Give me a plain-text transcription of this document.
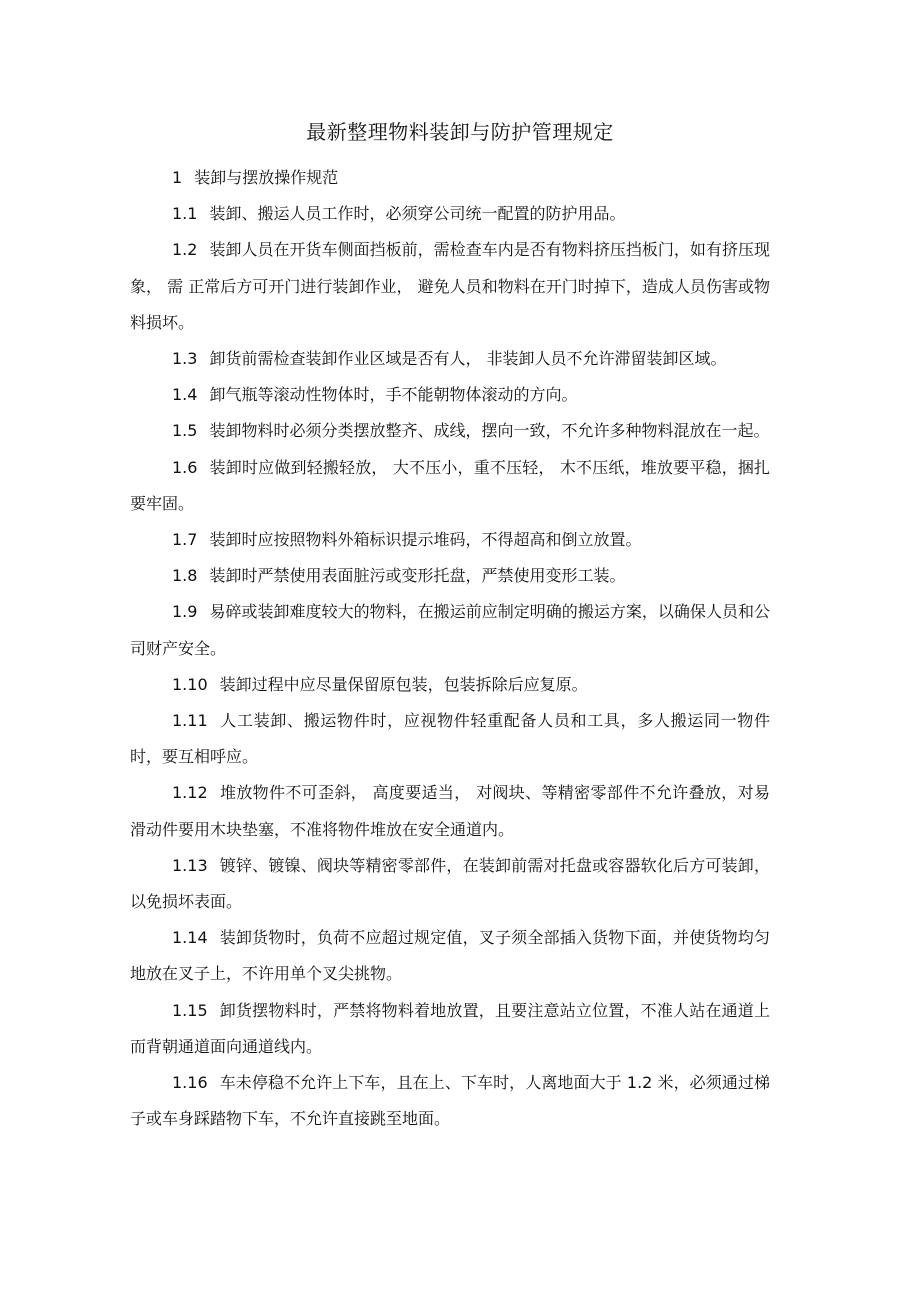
最新整理物料装卸与防护管理规定

1 装卸与摆放操作规范

1.1 装卸、搬运人员工作时，必须穿公司统一配置的防护用品。

1.2 装卸人员在开货车侧面挡板前，需检查车内是否有物料挤压挡板门，如有挤压现象， 需 正常后方可开门进行装卸作业， 避免人员和物料在开门时掉下，造成人员伤害或物料损坏。

1.3 卸货前需检查装卸作业区域是否有人， 非装卸人员不允许滞留装卸区域。

1.4 卸气瓶等滚动性物体时，手不能朝物体滚动的方向。

1.5 装卸物料时必须分类摆放整齐、成线，摆向一致，不允许多种物料混放在一起。

1.6 装卸时应做到轻搬轻放， 大不压小，重不压轻， 木不压纸，堆放要平稳，捆扎要牢固。

1.7 装卸时应按照物料外箱标识提示堆码，不得超高和倒立放置。

1.8 装卸时严禁使用表面脏污或变形托盘，严禁使用变形工装。

1.9 易碎或装卸难度较大的物料，在搬运前应制定明确的搬运方案，以确保人员和公司财产安全。

1.10 装卸过程中应尽量保留原包装，包装拆除后应复原。

1.11 人工装卸、搬运物件时，应视物件轻重配备人员和工具，多人搬运同一物件时，要互相呼应。

1.12 堆放物件不可歪斜， 高度要适当， 对阀块、等精密零部件不允许叠放，对易滑动件要用木块垫塞，不准将物件堆放在安全通道内。

1.13 镀锌、镀镍、阀块等精密零部件，在装卸前需对托盘或容器软化后方可装卸，以免损坏表面。

1.14 装卸货物时，负荷不应超过规定值，叉子须全部插入货物下面，并使货物均匀地放在叉子上，不许用单个叉尖挑物。

1.15 卸货摆物料时，严禁将物料着地放置，且要注意站立位置，不准人站在通道上而背朝通道面向通道线内。

1.16 车未停稳不允许上下车，且在上、下车时，人离地面大于 1.2 米，必须通过梯子或车身踩踏物下车，不允许直接跳至地面。
